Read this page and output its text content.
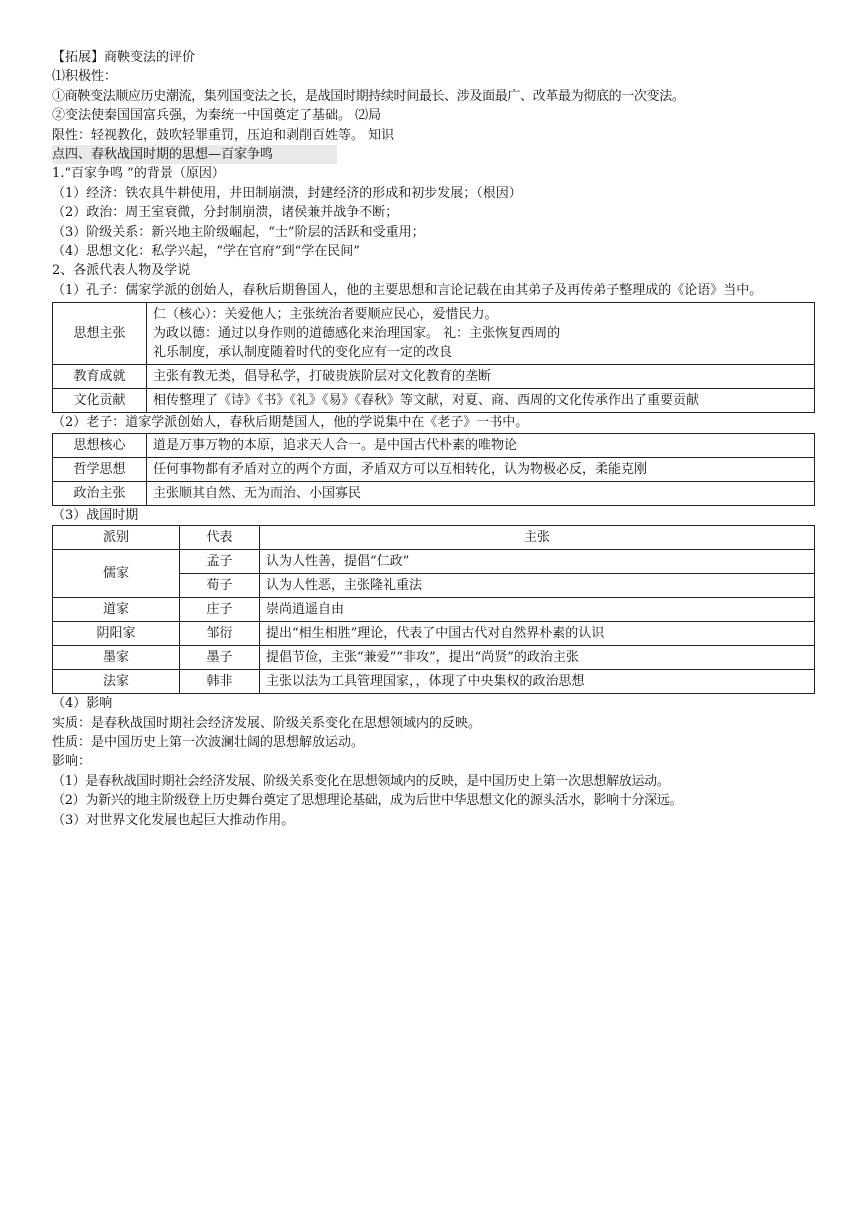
【拓展】商鞅变法的评价
⑴积极性：
①商鞅变法顺应历史潮流，集列国变法之长，是战国时期持续时间最长、涉及面最广、改革最为彻底的一次变法。
②变法使秦国国富兵强，为秦统一中国奠定了基础。 ⑵局
限性：轻视教化，鼓吹轻罪重罚，压迫和剥削百姓等。 知识
点四、春秋战国时期的思想—百家争鸣
1.“百家争鸣 ”的背景（原因）
（1）经济：铁农具牛耕使用，井田制崩溃，封建经济的形成和初步发展；（根因）
（2）政治：周王室衰微，分封制崩溃，诸侯兼并战争不断；
（3）阶级关系：新兴地主阶级崛起，“士”阶层的活跃和受重用；
（4）思想文化：私学兴起，“学在官府”到“学在民间”
2、各派代表人物及学说
（1）孔子：儒家学派的创始人，春秋后期鲁国人，他的主要思想和言论记载在由其弟子及再传弟子整理成的《论语》当中。
思想主张	仁（核心）：关爱他人；主张统治者要顺应民心，爱惜民力。
为政以德：通过以身作则的道德感化来治理国家。 礼：主张恢复西周的
礼乐制度，承认制度随着时代的变化应有一定的改良

教育成就	主张有教无类，倡导私学，打破贵族阶层对文化教育的垄断
文化贡献	相传整理了《诗》《书》《礼》《易》《春秋》等文献，对夏、商、西周的文化传承作出了重要贡献
（2）老子：道家学派创始人，春秋后期楚国人，他的学说集中在《老子》一书中。
思想核心	道是万事万物的本原，追求天人合一。是中国古代朴素的唯物论
哲学思想	任何事物都有矛盾对立的两个方面，矛盾双方可以互相转化，认为物极必反，柔能克刚
政治主张	主张顺其自然、无为而治、小国寡民
（3）战国时期
派别	代表	主张
儒家	孟子	认为人性善，提倡“仁政”
	荀子	认为人性恶，主张隆礼重法
道家	庄子	崇尚逍遥自由
阴阳家	邹衍	提出“相生相胜”理论，代表了中国古代对自然界朴素的认识
墨家	墨子	提倡节俭，主张“兼爱”“非攻”，提出“尚贤”的政治主张
法家	韩非	主张以法为工具管理国家，，体现了中央集权的政治思想
（4）影响
实质：是春秋战国时期社会经济发展、阶级关系变化在思想领域内的反映。
性质：是中国历史上第一次波澜壮阔的思想解放运动。
影响：
（1）是春秋战国时期社会经济发展、阶级关系变化在思想领域内的反映，是中国历史上第一次思想解放运动。
（2）为新兴的地主阶级登上历史舞台奠定了思想理论基础，成为后世中华思想文化的源头活水，影响十分深远。
（3）对世界文化发展也起巨大推动作用。
